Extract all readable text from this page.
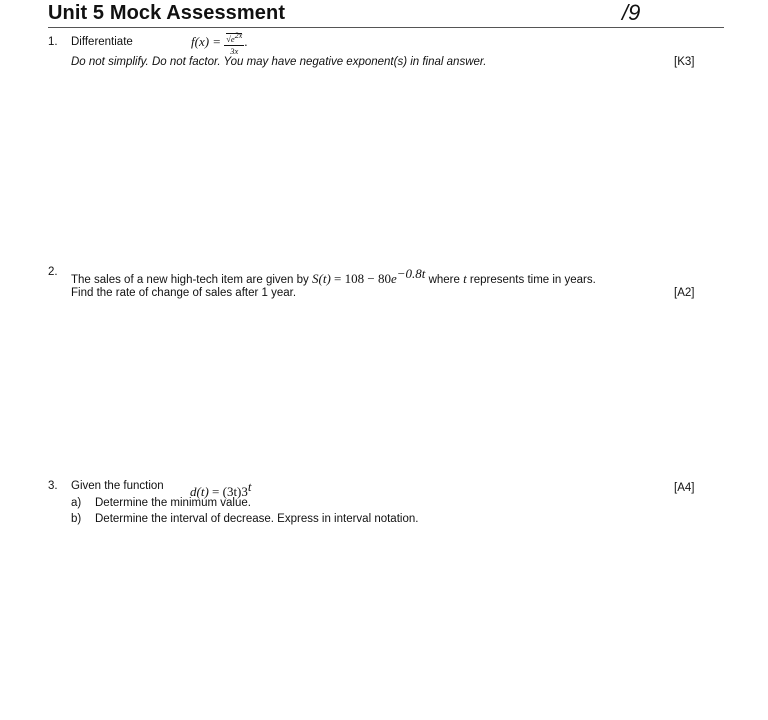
Unit 5 Mock Assessment	/9
1. Differentiate	$f(x) = \frac{√e^{2x}}{3x}$ .
Do not simplify. Do not factor. You may have negative exponent(s) in final answer.	[K3]
2.
The sales of a new high-tech item are given by $S(t) = 108 - 80e^{-0.8t}$ where t represents time in years.
Find the rate of change of sales after 1 year.	[A2]
3. Given the function $d(t) = (3t)3^t$	[A4]
a) Determine the minimum value.
b) Determine the interval of decrease. Express in interval notation.
